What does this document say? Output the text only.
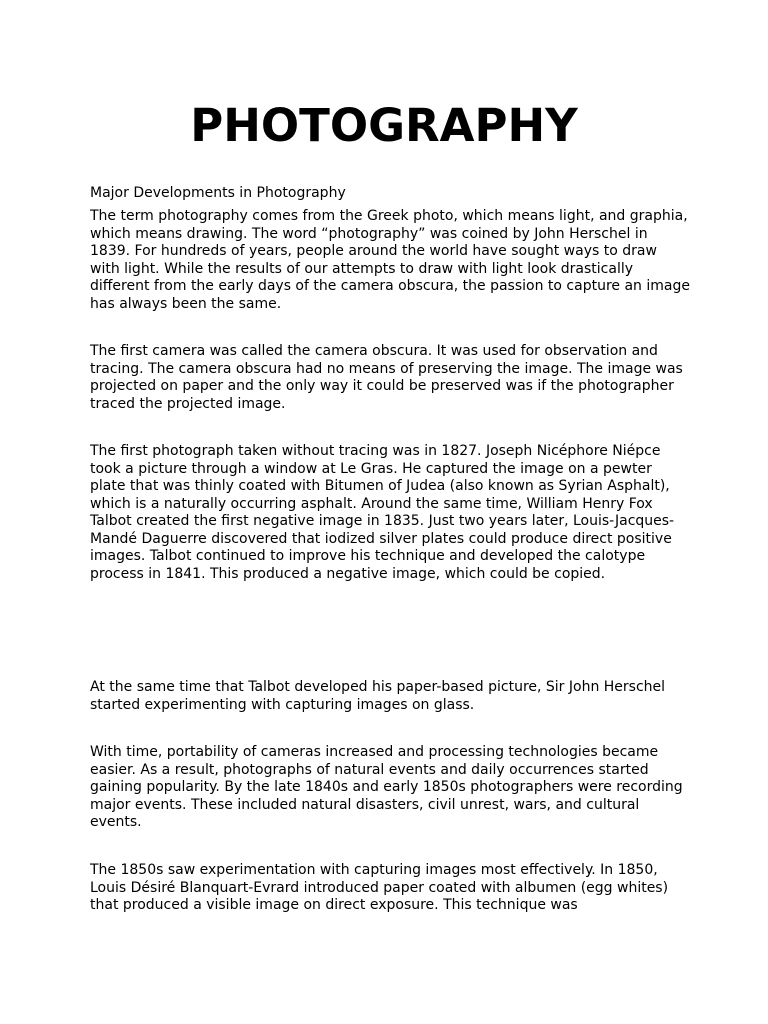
PHOTOGRAPHY

Major Developments in Photography

The term photography comes from the Greek photo, which means light, and graphia, which means drawing. The word “photography” was coined by John Herschel in 1839. For hundreds of years, people around the world have sought ways to draw with light. While the results of our attempts to draw with light look drastically different from the early days of the camera obscura, the passion to capture an image has always been the same.

The first camera was called the camera obscura. It was used for observation and tracing. The camera obscura had no means of preserving the image. The image was projected on paper and the only way it could be preserved was if the photographer traced the projected image.

The first photograph taken without tracing was in 1827. Joseph Nicéphore Niépce took a picture through a window at Le Gras. He captured the image on a pewter plate that was thinly coated with Bitumen of Judea (also known as Syrian Asphalt), which is a naturally occurring asphalt. Around the same time, William Henry Fox Talbot created the first negative image in 1835. Just two years later, Louis-Jacques-Mandé Daguerre discovered that iodized silver plates could produce direct positive images. Talbot continued to improve his technique and developed the calotype process in 1841. This produced a negative image, which could be copied.

At the same time that Talbot developed his paper-based picture, Sir John Herschel started experimenting with capturing images on glass.

With time, portability of cameras increased and processing technologies became easier. As a result, photographs of natural events and daily occurrences started gaining popularity. By the late 1840s and early 1850s photographers were recording major events. These included natural disasters, civil unrest, wars, and cultural events.

The 1850s saw experimentation with capturing images most effectively. In 1850, Louis Désiré Blanquart-Evrard introduced paper coated with albumen (egg whites) that produced a visible image on direct exposure. This technique was
